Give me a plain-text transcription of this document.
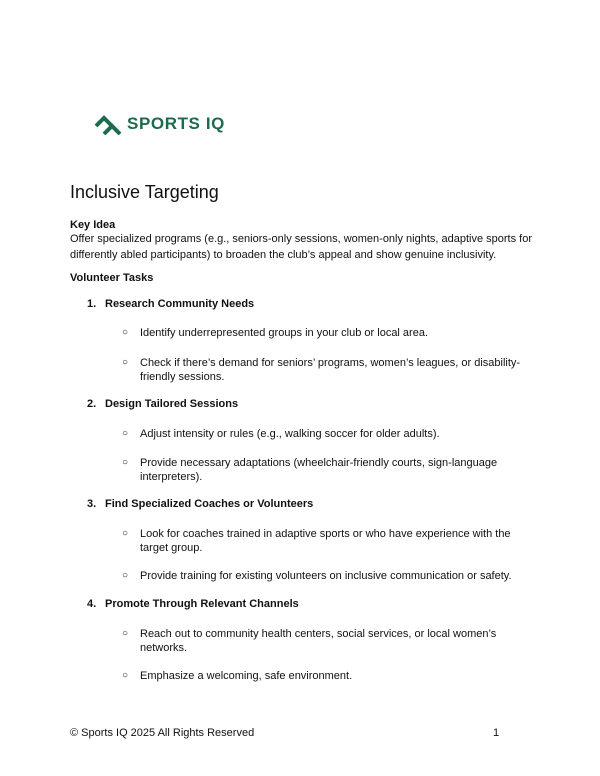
SPORTS IQ
Inclusive Targeting
Key Idea
Offer specialized programs (e.g., seniors-only sessions, women-only nights, adaptive sports for differently abled participants) to broaden the club’s appeal and show genuine inclusivity.
Volunteer Tasks
1. Research Community Needs
○ Identify underrepresented groups in your club or local area.
○ Check if there’s demand for seniors’ programs, women’s leagues, or disability-friendly sessions.
2. Design Tailored Sessions
○ Adjust intensity or rules (e.g., walking soccer for older adults).
○ Provide necessary adaptations (wheelchair-friendly courts, sign-language interpreters).
3. Find Specialized Coaches or Volunteers
○ Look for coaches trained in adaptive sports or who have experience with the target group.
○ Provide training for existing volunteers on inclusive communication or safety.
4. Promote Through Relevant Channels
○ Reach out to community health centers, social services, or local women’s networks.
○ Emphasize a welcoming, safe environment.
© Sports IQ 2025 All Rights Reserved	1
